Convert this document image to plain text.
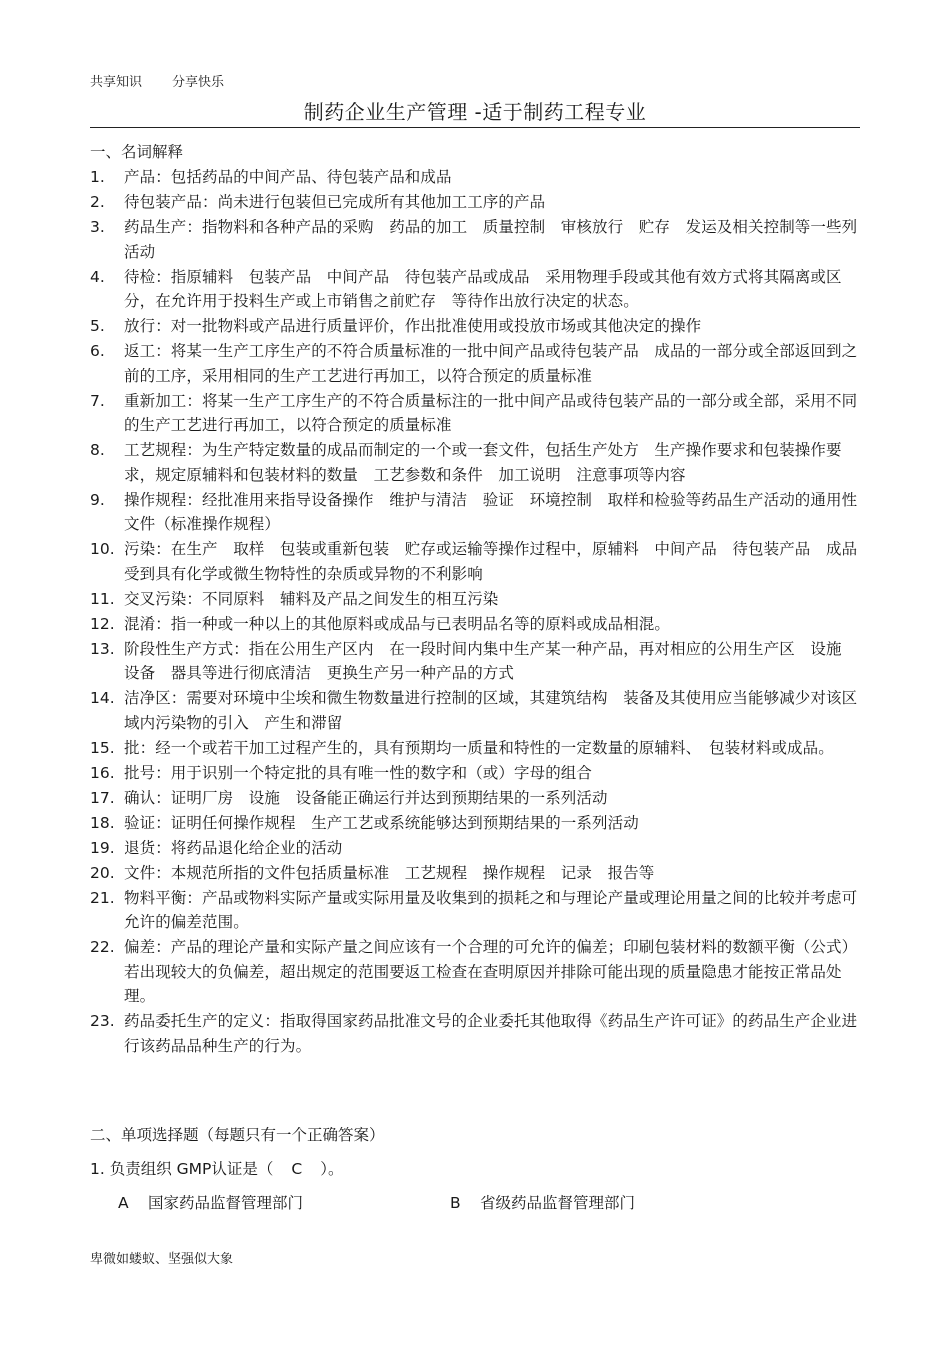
共享知识 分享快乐
制药企业生产管理 -适于制药工程专业
一、名词解释
1.	产品：包括药品的中间产品、待包装产品和成品
2.	待包装产品：尚未进行包装但已完成所有其他加工工序的产品
3.	药品生产：指物料和各种产品的采购　药品的加工　质量控制　审核放行　贮存　发运及相关控制等一些列活动
4.	待检：指原辅料　包装产品　中间产品　待包装产品或成品　采用物理手段或其他有效方式将其隔离或区分，在允许用于投料生产或上市销售之前贮存　等待作出放行决定的状态。
5.	放行：对一批物料或产品进行质量评价，作出批准使用或投放市场或其他决定的操作
6.	返工：将某一生产工序生产的不符合质量标准的一批中间产品或待包装产品　成品的一部分或全部返回到之前的工序，采用相同的生产工艺进行再加工，以符合预定的质量标准
7.	重新加工：将某一生产工序生产的不符合质量标注的一批中间产品或待包装产品的一部分或全部，采用不同的生产工艺进行再加工，以符合预定的质量标准
8.	工艺规程：为生产特定数量的成品而制定的一个或一套文件，包括生产处方　生产操作要求和包装操作要求，规定原辅料和包装材料的数量　工艺参数和条件　加工说明　注意事项等内容
9.	操作规程：经批准用来指导设备操作　维护与清洁　验证　环境控制　取样和检验等药品生产活动的通用性文件（标准操作规程）
10. 污染：在生产　取样　包装或重新包装　贮存或运输等操作过程中，原辅料　中间产品　待包装产品　成品受到具有化学或微生物特性的杂质或异物的不利影响
11. 交叉污染：不同原料　辅料及产品之间发生的相互污染
12. 混淆：指一种或一种以上的其他原料或成品与已表明品名等的原料或成品相混。
13. 阶段性生产方式：指在公用生产区内　在一段时间内集中生产某一种产品，再对相应的公用生产区　设施　设备　器具等进行彻底清洁　更换生产另一种产品的方式
14. 洁净区：需要对环境中尘埃和微生物数量进行控制的区域，其建筑结构　装备及其使用应当能够减少对该区域内污染物的引入　产生和滞留
15. 批：经一个或若干加工过程产生的，具有预期均一质量和特性的一定数量的原辅料、　包装材料或成品。
16. 批号：用于识别一个特定批的具有唯一性的数字和（或）字母的组合
17. 确认：证明厂房　设施　设备能正确运行并达到预期结果的一系列活动
18. 验证：证明任何操作规程　生产工艺或系统能够达到预期结果的一系列活动
19. 退货：将药品退化给企业的活动
20. 文件：本规范所指的文件包括质量标准　工艺规程　操作规程　记录　报告等
21. 物料平衡：产品或物料实际产量或实际用量及收集到的损耗之和与理论产量或理论用量之间的比较并考虑可允许的偏差范围。
22. 偏差：产品的理论产量和实际产量之间应该有一个合理的可允许的偏差；印刷包装材料的数额平衡（公式）若出现较大的负偏差，超出规定的范围要返工检查在查明原因并排除可能出现的质量隐患才能按正常品处理。
23. 药品委托生产的定义：指取得国家药品批准文号的企业委托其他取得《药品生产许可证》的药品生产企业进行该药品品种生产的行为。
二、单项选择题（每题只有一个正确答案）
1. 负责组织 GMP认证是（ C ）。
A 国家药品监督管理部门	B 省级药品监督管理部门
卑微如蝼蚁、坚强似大象
